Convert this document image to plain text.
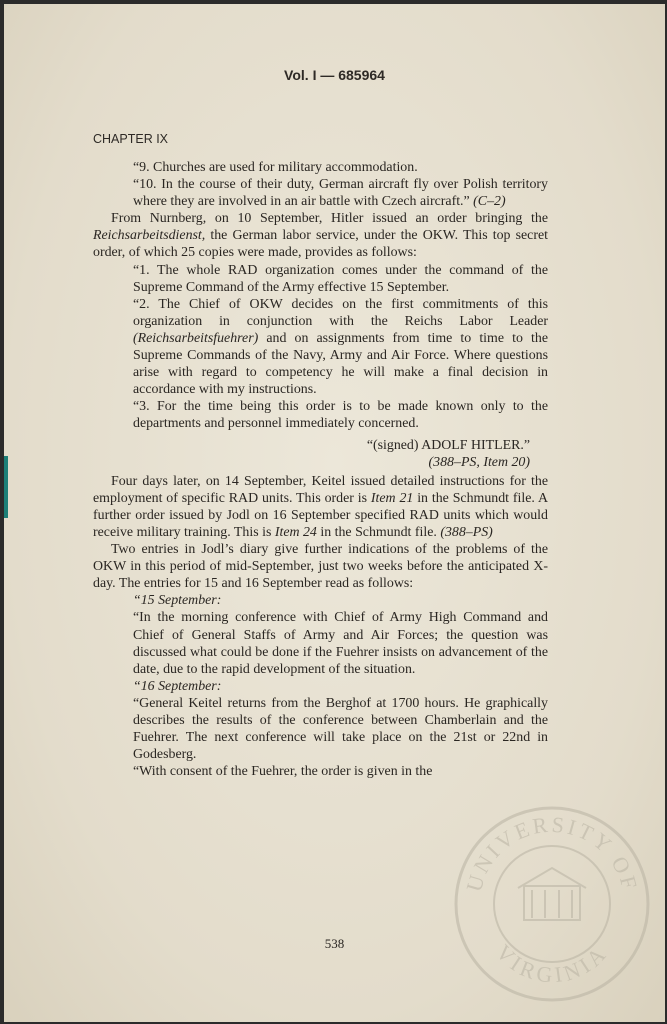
Vol. I — 685964
CHAPTER IX

“9. Churches are used for military accommodation.

“10. In the course of their duty, German aircraft fly over Polish territory where they are involved in an air battle with Czech aircraft.” (C–2)

From Nurnberg, on 10 September, Hitler issued an order bringing the Reichsarbeitsdienst, the German labor service, under the OKW. This top secret order, of which 25 copies were made, provides as follows:

“1. The whole RAD organization comes under the command of the Supreme Command of the Army effective 15 September.

“2. The Chief of OKW decides on the first commitments of this organization in conjunction with the Reichs Labor Leader (Reichsarbeitsfuehrer) and on assignments from time to time to the Supreme Commands of the Navy, Army and Air Force. Where questions arise with regard to competency he will make a final decision in accordance with my instructions.

“3. For the time being this order is to be made known only to the departments and personnel immediately concerned.

“(signed) ADOLF HITLER.”

(388–PS, Item 20)

Four days later, on 14 September, Keitel issued detailed instructions for the employment of specific RAD units. This order is Item 21 in the Schmundt file. A further order issued by Jodl on 16 September specified RAD units which would receive military training. This is Item 24 in the Schmundt file. (388–PS)

Two entries in Jodl’s diary give further indications of the problems of the OKW in this period of mid-September, just two weeks before the anticipated X-day. The entries for 15 and 16 September read as follows:

“15 September:

“In the morning conference with Chief of Army High Command and Chief of General Staffs of Army and Air Forces; the question was discussed what could be done if the Fuehrer insists on advancement of the date, due to the rapid development of the situation.

“16 September:

“General Keitel returns from the Berghof at 1700 hours. He graphically describes the results of the conference between Chamberlain and the Fuehrer. The next conference will take place on the 21st or 22nd in Godesberg.

“With consent of the Fuehrer, the order is given in the

538
UNIVERSITY OF
VIRGINIA
